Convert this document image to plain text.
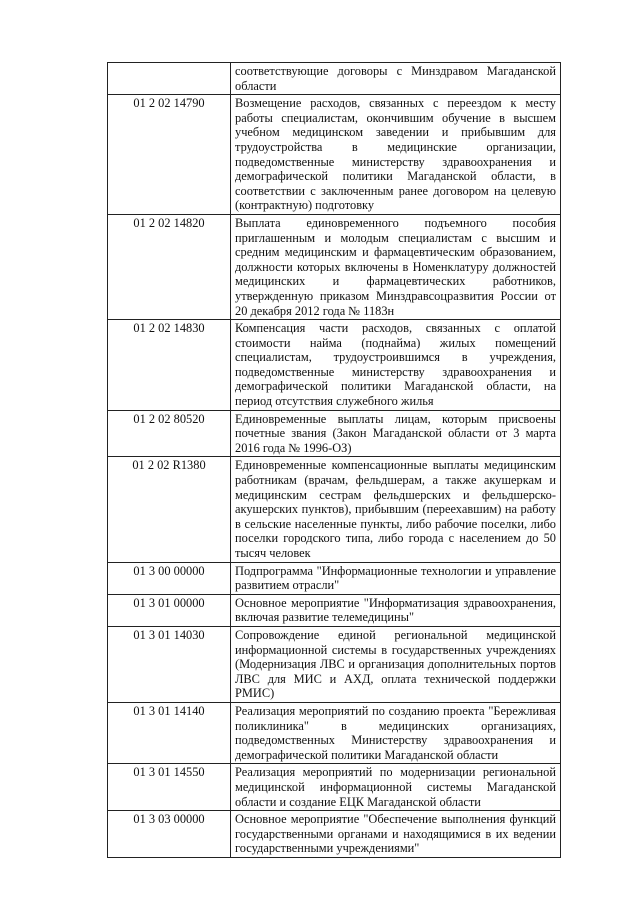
	соответствующие договоры с Минздравом Магаданской области
01 2 02 14790	Возмещение расходов, связанных с переездом к месту работы специалистам, окончившим обучение в высшем учебном медицинском заведении и прибывшим для трудоустройства в медицинские организации, подведомственные министерству здравоохранения и демографической политики Магаданской области, в соответствии с заключенным ранее договором на целевую (контрактную) подготовку
01 2 02 14820	Выплата единовременного подъемного пособия приглашенным и молодым специалистам с высшим и средним медицинским и фармацевтическим образованием, должности которых включены в Номенклатуру должностей медицинских и фармацевтических работников, утвержденную приказом Минздравсоцразвития России от 20 декабря 2012 года № 1183н
01 2 02 14830	Компенсация части расходов, связанных с оплатой стоимости найма (поднайма) жилых помещений специалистам, трудоустроившимся в учреждения, подведомственные министерству здравоохранения и демографической политики Магаданской области, на период отсутствия служебного жилья
01 2 02 80520	Единовременные выплаты лицам, которым присвоены почетные звания (Закон Магаданской области от 3 марта 2016 года № 1996-ОЗ)
01 2 02 R1380	Единовременные компенсационные выплаты медицинским работникам (врачам, фельдшерам, а также акушеркам и медицинским сестрам фельдшерских и фельдшерско-акушерских пунктов), прибывшим (переехавшим) на работу в сельские населенные пункты, либо рабочие поселки, либо поселки городского типа, либо города с населением до 50 тысяч человек
01 3 00 00000	Подпрограмма "Информационные технологии и управление развитием отрасли"
01 3 01 00000	Основное мероприятие "Информатизация здравоохранения, включая развитие телемедицины"
01 3 01 14030	Сопровождение единой региональной медицинской информационной системы в государственных учреждениях (Модернизация ЛВС и организация дополнительных портов ЛВС для МИС и АХД, оплата технической поддержки РМИС)
01 3 01 14140	Реализация мероприятий по созданию проекта "Бережливая поликлиника" в медицинских организациях, подведомственных Министерству здравоохранения и демографической политики Магаданской области
01 3 01 14550	Реализация мероприятий по модернизации региональной медицинской информационной системы Магаданской области и создание ЕЦК Магаданской области
01 3 03 00000	Основное мероприятие "Обеспечение выполнения функций государственными органами и находящимися в их ведении государственными учреждениями"
